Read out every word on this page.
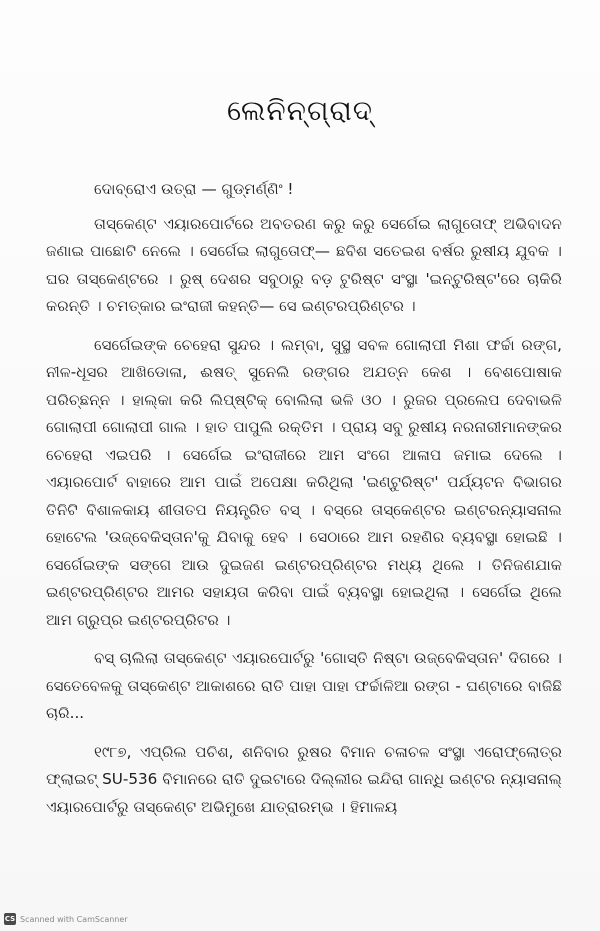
ଲେନିନ୍‌ଗ୍ରାଦ୍

ଦୋବ୍ରୋଏ ଉତ୍ରା — ଗୁଡ୍‌ମର୍ଣ୍ଣିଂ !

ତାସ୍‌କେଣ୍ଟ ଏୟାରପୋର୍ଟରେ ଅବତରଣ କରୁ କରୁ ସେର୍ଗେଇ ଲାଗୁତୋଫ୍ ଅଭିବାଦନ ଜଣାଇ ପାଛୋଟି ନେଲେ । ସେର୍ଗେଇ ଲାଗୁତୋଫ୍— ଛବିଶ ସତେଇଶ ବର୍ଷର ରୁଷୀୟ ଯୁବକ । ଘର ତାସ୍‌କେଣ୍ଟରେ । ରୁଷ୍ ଦେଶର ସବୁଠାରୁ ବଡ଼ ଟୁରିଷ୍ଟ ସଂସ୍ଥା 'ଇନ୍‌ଟୁରିଷ୍ଟ'ରେ ଚାକିରି କରନ୍ତି । ଚମତ୍କାର ଇଂରାଜୀ କହନ୍ତି— ସେ ଇଣ୍ଟରପ୍ରିଣ୍ଟର ।

ସେର୍ଗେଇଙ୍କ ଚେହେରା ସୁନ୍ଦର । ଲମ୍ବା, ସୁସ୍ଥ ସବଳ ଗୋଲାପୀ ମିଶା ଫର୍ଚ୍ଚା ରଙ୍ଗ, ନୀଳ-ଧୂସର ଆଖିଡୋଳା, ଈଷତ୍ ସୁନେଲି ରଙ୍ଗର ଅଯତ୍ନ କେଶ । ବେଶପୋଷାକ ପରିଚ୍ଛନ୍ନ । ହାଲ୍‌କା କରି ଲିପ୍‌ଷ୍ଟିକ୍ ବୋଲିଲା ଭଳି ଓଠ । ରୁଜର ପ୍ରଲେପ ଦେବାଭଳି ଗୋଲାପୀ ଗୋଲାପୀ ଗାଲ । ହାତ ପାପୁଲି ରକ୍ତିମ । ପ୍ରାୟ ସବୁ ରୁଷୀୟ ନରନାରୀମାନଙ୍କର ଚେହେରା ଏଇପରି । ସେର୍ଗେଇ ଇଂରାଜୀରେ ଆମ ସଂଗେ ଆଳାପ ଜମାଇ ଦେଲେ । ଏୟାରପୋର୍ଟ ବାହାରେ ଆମ ପାଇଁ ଅପେକ୍ଷା କରିଥିଲା 'ଇଣ୍ଟୁରିଷ୍ଟ' ପର୍ଯ୍ୟଟନ ବିଭାଗର ତିନିଟି ବିଶାଳକାୟ ଶୀତାତପ ନିୟନ୍ତ୍ରିତ ବସ୍ । ବସ୍‌ରେ ତାସ୍‌କେଣ୍ଟର ଇଣ୍ଟରନ୍ୟାସନାଲ ହୋଟେଲ 'ଉଜ୍‌ବେକିସ୍ତାନ'କୁ ଯିବାକୁ ହେବ । ସେଠାରେ ଆମ ରହଣିର ବ୍ୟବସ୍ଥା ହୋଇଛି । ସେର୍ଗେଇଙ୍କ ସଙ୍ଗେ ଆଉ ଦୁଇଜଣ ଇଣ୍ଟରପ୍ରିଣ୍ଟର ମଧ୍ୟ ଥିଲେ । ତିନିଜଣଯାକ ଇଣ୍ଟରପ୍ରିଣ୍ଟର ଆମର ସହାୟତା କରିବା ପାଇଁ ବ୍ୟବସ୍ଥା ହୋଇଥିଲା । ସେର୍ଗେଇ ଥିଲେ ଆମ ଗ୍ରୁପ୍‌ର ଇଣ୍ଟରପ୍ରିଟର ।

ବସ୍ ଚାଲିଲା ତାସ୍‌କେଣ୍ଟ ଏୟାରପୋର୍ଟରୁ 'ଗୋସ୍ତି ନିଷ୍ଟା ଉଜ୍‌ବେକିସ୍ତାନ' ଦିଗରେ । ସେତେବେଳକୁ ତାସ୍‌କେଣ୍ଟ ଆକାଶରେ ରାତି ପାହା ପାହା ଫର୍ଚ୍ଚାଳିଆ ରଙ୍ଗ - ଘଣ୍ଟାରେ ବାଜିଛି ଚାରି...

୧୯୮୭, ଏପ୍ରିଲ ପଚିଶ, ଶନିବାର ରୁଷର ବିମାନ ଚଳାଚଳ ସଂସ୍ଥା ଏରୋଫ୍ଲୋତ୍‌ର ଫ୍ଲାଇଟ୍ SU-536 ବିମାନରେ ରାତି ଦୁଇଟାରେ ଦିଲ୍ଲୀର ଇନ୍ଦିରା ଗାନ୍ଧି ଇଣ୍ଟର ନ୍ୟାସନାଲ୍ ଏୟାରପୋର୍ଟରୁ ତାସ୍‌କେଣ୍ଟ ଅଭିମୁଖେ ଯାତ୍ରାରମ୍ଭ । ହିମାଳୟ

CS Scanned with CamScanner
